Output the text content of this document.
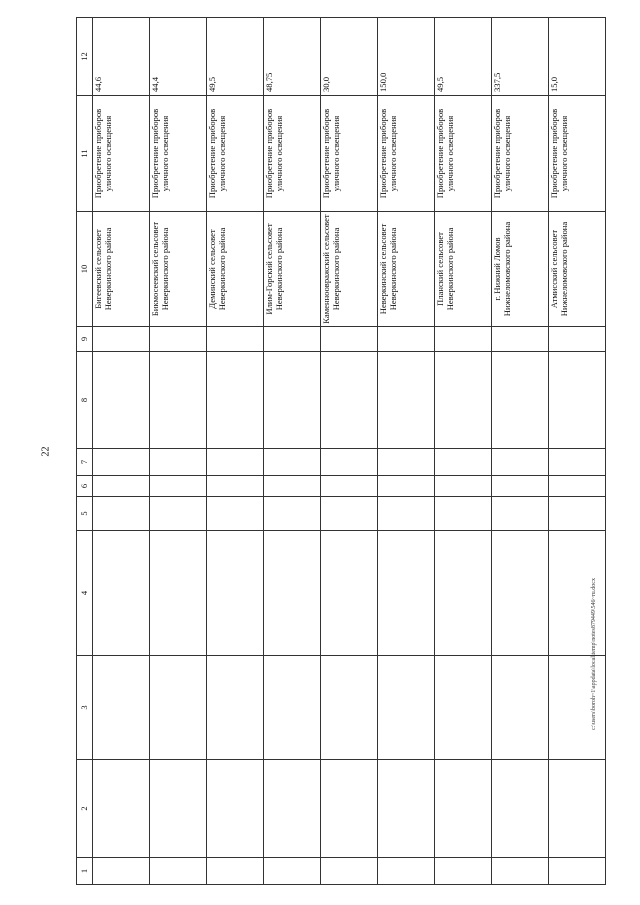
22
c:\users\boroh~1\appdata\local\temp\notes879449\546~ru.docx
1	2	3	4	5	6	7	8	9	10	11	12
									Бигеевский сельсовет Неверкинского района	Приобретение приборов уличного освещения	44,6
									Бикмосеевский сельсовет Неверкинского района	Приобретение приборов уличного освещения	44,4
									Деминский сельсовет Неверкинского района	Приобретение приборов уличного освещения	49,5
									Илим-Горский сельсовет Неверкинского района	Приобретение приборов уличного освещения	48,75
									Каменноовражский сельсовет Неверкинского района	Приобретение приборов уличного освещения	30,0
									Неверкинский сельсовет Неверкинского района	Приобретение приборов уличного освещения	150,0
									Планский сельсовет Неверкинского района	Приобретение приборов уличного освещения	49,5
									г. Нижний Ломов Нижнеломовского района	Приобретение приборов уличного освещения	337,5
									Атмисский сельсовет Нижнеломовского района	Приобретение приборов уличного освещения	15,0
